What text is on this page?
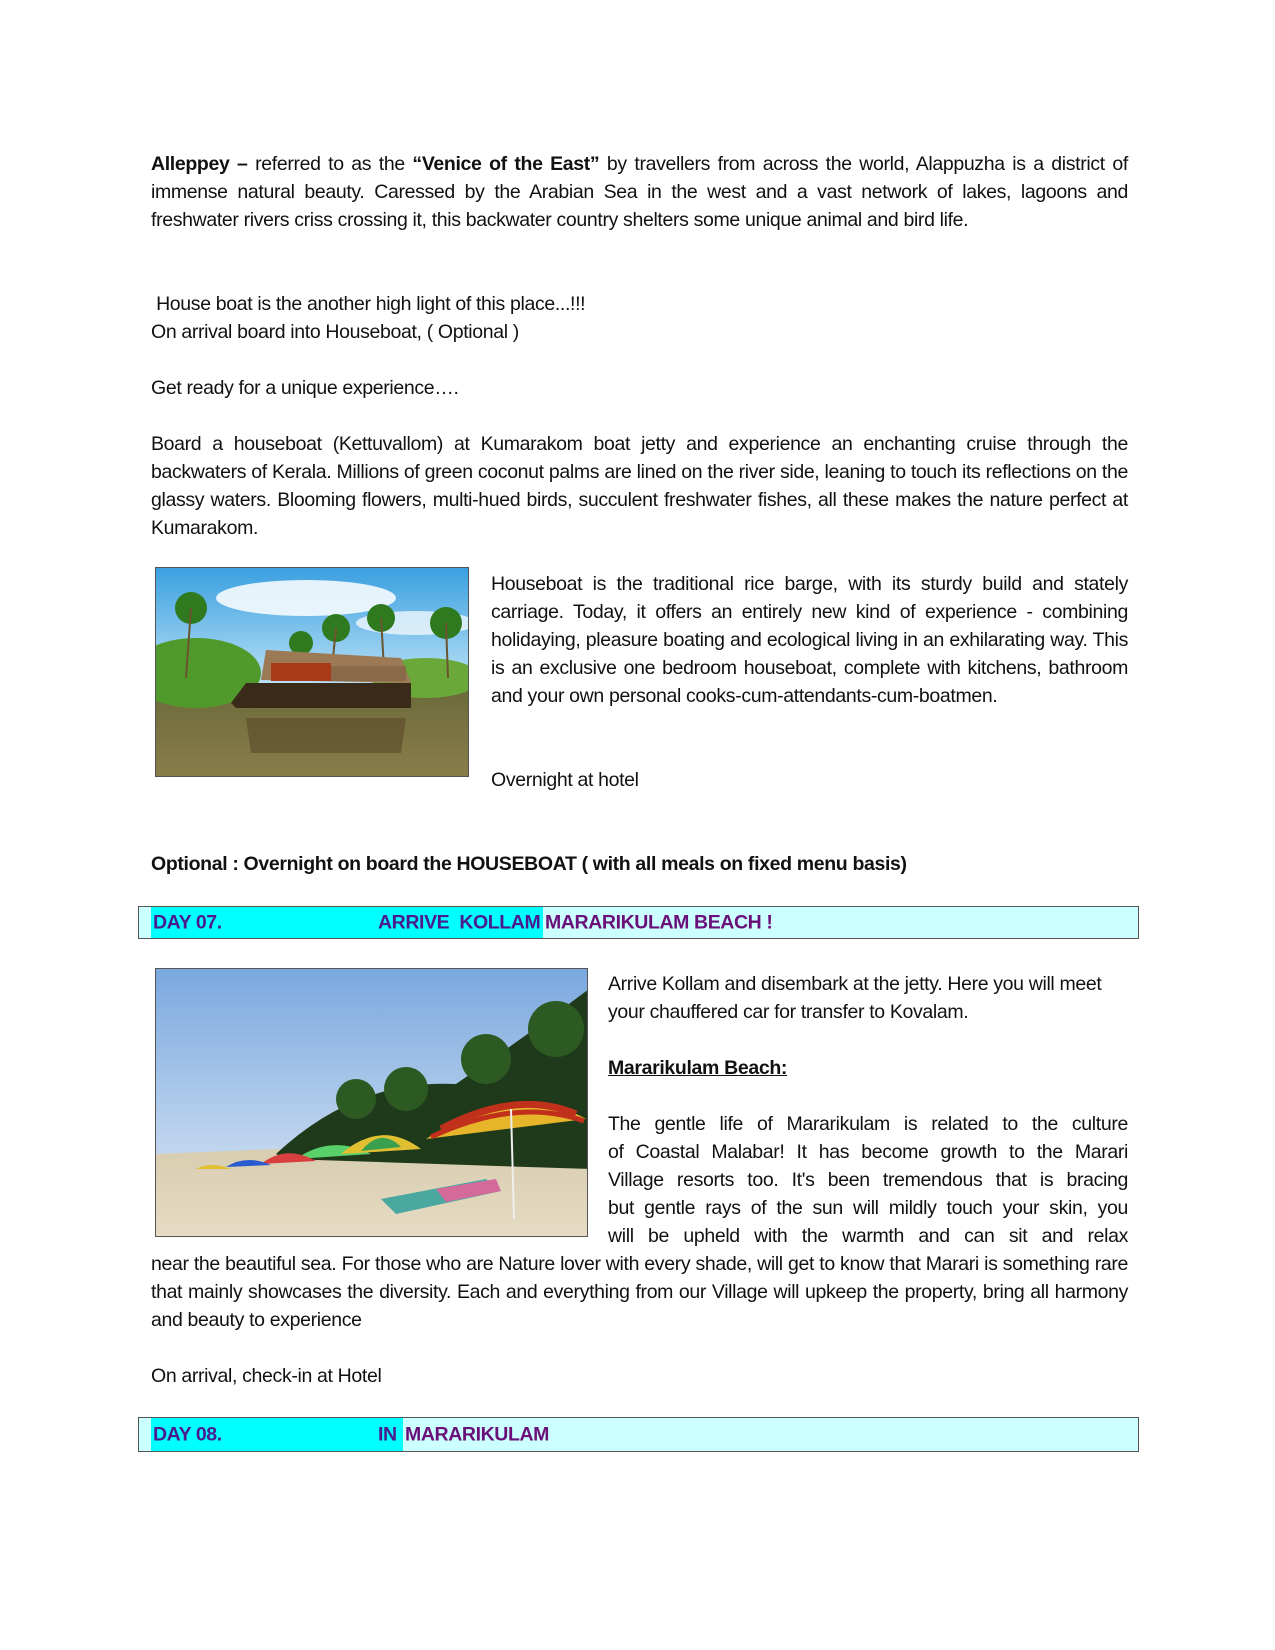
Alleppey – referred to as the “Venice of the East” by travellers from across the world, Alappuzha is a district of immense natural beauty. Caressed by the Arabian Sea in the west and a vast network of lakes, lagoons and freshwater rivers criss crossing it, this backwater country shelters some unique animal and bird life.
House boat is the another high light of this place...!!!
On arrival board into Houseboat, ( Optional )
Get ready for a unique experience….
Board a houseboat (Kettuvallom) at Kumarakom boat jetty and experience an enchanting cruise through the backwaters of Kerala. Millions of green coconut palms are lined on the river side, leaning to touch its reflections on the glassy waters. Blooming flowers, multi-hued birds, succulent freshwater fishes, all these makes the nature perfect at Kumarakom.
Houseboat is the traditional rice barge, with its sturdy build and stately carriage. Today, it offers an entirely new kind of experience - combining holidaying, pleasure boating and ecological living in an exhilarating way. This is an exclusive one bedroom houseboat, complete with kitchens, bathroom and your own personal cooks-cum-attendants-cum-boatmen.
Overnight at hotel
Optional : Overnight on board the HOUSEBOAT ( with all meals on fixed menu basis)
DAY 07.	ARRIVE  KOLLAM MARARIKULAM BEACH !
Arrive Kollam and disembark at the jetty. Here you will meet your chauffered car for transfer to Kovalam.
Mararikulam Beach:
The gentle life of Mararikulam is related to the culture
of Coastal Malabar! It has become growth to the Marari
Village resorts too. It's been tremendous that is bracing
but gentle rays of the sun will mildly touch your skin, you
will be upheld with the warmth and can sit and relax
near the beautiful sea. For those who are Nature lover with every shade, will get to know that Marari is something rare that mainly showcases the diversity. Each and everything from our Village will upkeep the property, bring all harmony and beauty to experience
On arrival, check-in at Hotel
DAY 08.	IN MARARIKULAM
